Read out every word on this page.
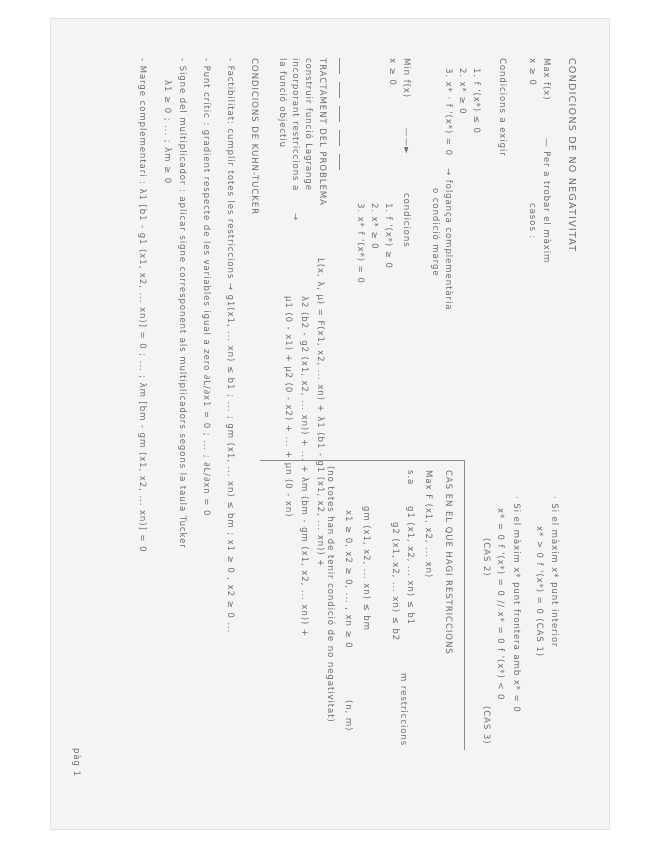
CONDICIONS DE NO NEGATIVITAT
Max f(x)
x ≥ 0
— Per a trobar el màxim
casos :
Condicions a exigir
1. f '(x*) ≤ 0
2. x* ≥ 0
3. x* · f '(x*) = 0
→ folgança complementària
o condició marge
Min f(x)
x ≥ 0
——►
condicions
1. f '(x*) ≥ 0
2. x* ≥ 0
3. x* f '(x*) = 0
TRACTAMENT DEL PROBLEMA
construir funció Lagrange
incorporant restriccions a
la funció objectiu
→
L(x, λ, μ) = F(x1, x2, ... xn) + λ1 (b1 - g1 (x1, x2, ... xn)) +
λ2 (b2 - g2 (x1, x2, ... xn)) + ... + λm (bm - gm (x1, x2, ... xn)) +
μ1 (0 - x1) + μ2 (0 - x2) + ... + μn (0 - xn)
CONDICIONS DE KUHN-TUCKER
- Factibilitat: cumplir totes les restriccions → g1(x1, ... xn) ≤ b1 ; ... ; gm (x1, ... xn) ≤ bm ; x1 ≥ 0 , x2 ≥ 0 ...
- Punt crític : gradient respecte de les variables igual a zero ∂L/∂x1 = 0 ; ... ; ∂L/∂xn = 0
- Signe del multiplicador : aplicar signe corresponent als multiplicadors segons la taula Tucker
λ1 ≥ 0 ; ... ; λm ≥ 0
- Marge complementari : λ1 [b1 - g1 (x1, x2, ... xn)] = 0 ; ... ; λm [bm - gm (x1, x2, ... xn)] = 0
· Si el màxim x* punt interior
x* > 0 f '(x*) = 0 (CAS 1)
· Si el màxim x* punt frontera amb x* = 0
x* = 0 f '(x*) = 0 // x* = 0 f '(x*) < 0
(CAS 2)
(CAS 3)
CAS EN EL QUE HAGI RESTRICCIONS
Max F (x1, x2, ... xn)
s.a
g1 (x1, x2, ... xn) ≤ b1
g2 (x1, x2, ... xn) ≤ b2
m restriccions
gm (x1, x2, ... xn) ≤ bm
x1 ≥ 0, x2 ≥ 0, ... , xn ≥ 0
(n, m)
(no totes han de tenir condició de no negativitat)
pàg 1
